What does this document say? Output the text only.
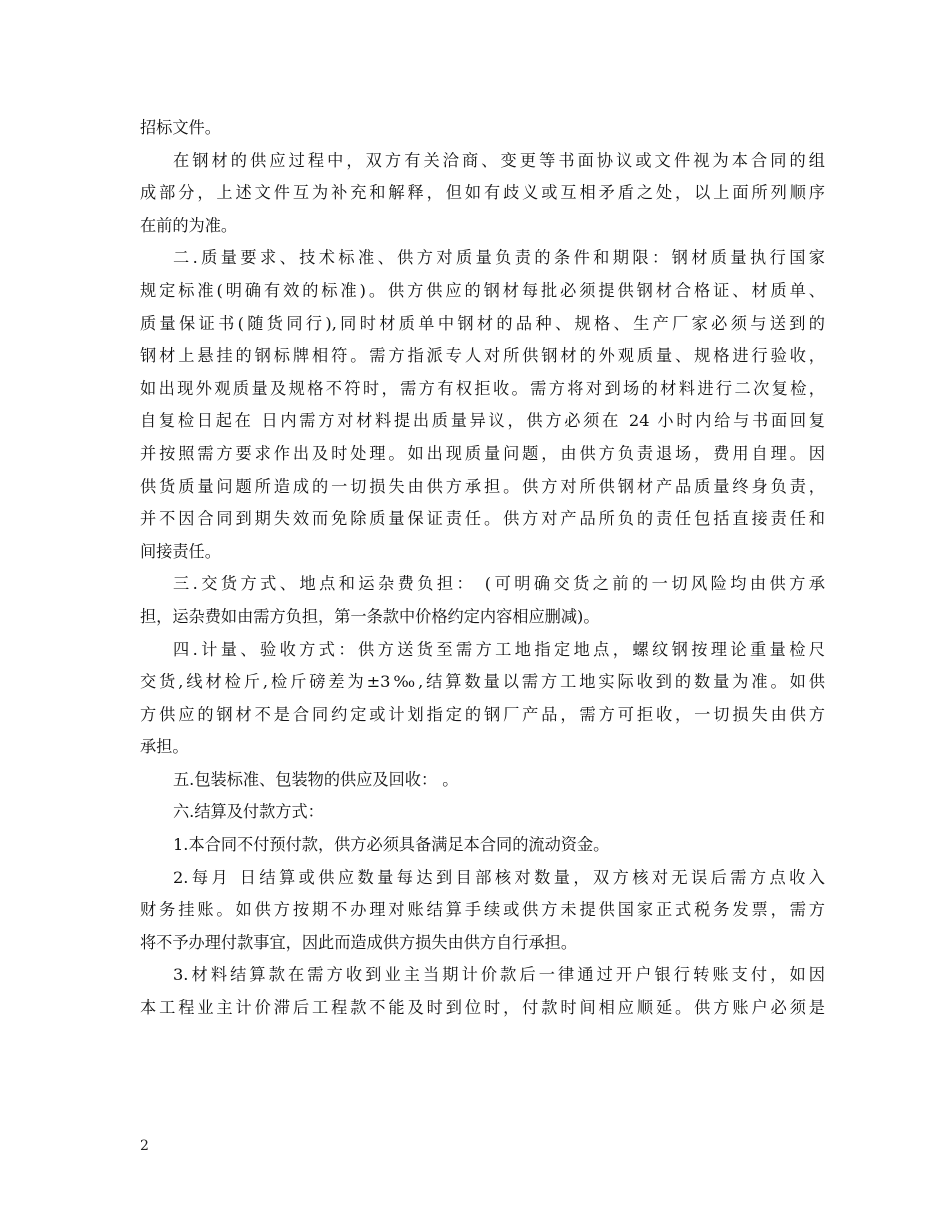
招标文件。
在钢材的供应过程中，双方有关洽商、变更等书面协议或文件视为本合同的组
成部分，上述文件互为补充和解释，但如有歧义或互相矛盾之处，以上面所列顺序
在前的为准。
二.质量要求、技术标准、供方对质量负责的条件和期限：钢材质量执行国家
规定标准(明确有效的标准)。供方供应的钢材每批必须提供钢材合格证、材质单、
质量保证书(随货同行),同时材质单中钢材的品种、规格、生产厂家必须与送到的
钢材上悬挂的钢标牌相符。需方指派专人对所供钢材的外观质量、规格进行验收，
如出现外观质量及规格不符时，需方有权拒收。需方将对到场的材料进行二次复检，
自复检日起在 日内需方对材料提出质量异议，供方必须在 24 小时内给与书面回复
并按照需方要求作出及时处理。如出现质量问题，由供方负责退场，费用自理。因
供货质量问题所造成的一切损失由供方承担。供方对所供钢材产品质量终身负责，
并不因合同到期失效而免除质量保证责任。供方对产品所负的责任包括直接责任和
间接责任。
三.交货方式、地点和运杂费负担： (可明确交货之前的一切风险均由供方承
担，运杂费如由需方负担，第一条款中价格约定内容相应删减)。
四.计量、验收方式：供方送货至需方工地指定地点，螺纹钢按理论重量检尺
交货,线材检斤,检斤磅差为±3‰,结算数量以需方工地实际收到的数量为准。如供
方供应的钢材不是合同约定或计划指定的钢厂产品，需方可拒收，一切损失由供方
承担。
五.包装标准、包装物的供应及回收： 。
六.结算及付款方式：
1.本合同不付预付款，供方必须具备满足本合同的流动资金。
2.每月 日结算或供应数量每达到目部核对数量，双方核对无误后需方点收入
财务挂账。如供方按期不办理对账结算手续或供方未提供国家正式税务发票，需方
将不予办理付款事宜，因此而造成供方损失由供方自行承担。
3.材料结算款在需方收到业主当期计价款后一律通过开户银行转账支付，如因
本工程业主计价滞后工程款不能及时到位时，付款时间相应顺延。供方账户必须是
2
